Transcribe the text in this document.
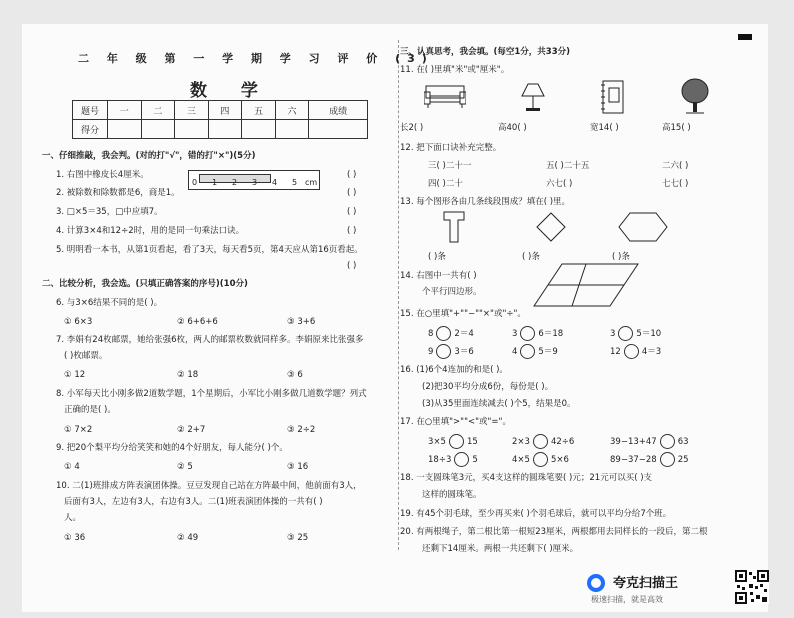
二 年 级 第 一 学 期 学 习 评 价 (3)
数 学
题号	一	二	三	四	五	六	成绩
得分							
一、仔细推敲，我会判。(对的打"√"，错的打"×")(5分)
1. 右图中橡皮长4厘米。
2. 被除数和除数都是6，商是1。
3. □×5＝35，□中应填7。
4. 计算3×4和12÷2时，用的是同一句乘法口诀。
5. 明明看一本书，从第1页看起，看了3天，每天看5页，第4天应从第16页看起。
( )
( )
( )
( )
( )
0 1 2 3 4 5 cm
二、比较分析，我会选。(只填正确答案的序号)(10分)
6. 与3×6结果不同的是( )。
① 6×3	② 6+6+6	③ 3+6
7. 李娟有24枚邮票，她给张强6枚，两人的邮票枚数就同样多。李娟原来比张强多
( )枚邮票。
① 12	② 18	③ 6
8. 小军每天比小刚多做2道数学题，1个星期后，小军比小刚多做几道数学题？列式
正确的是( )。
① 7×2	② 2+7	③ 2÷2
9. 把20个梨平均分给笑笑和她的4个好朋友，每人能分( )个。
① 4	② 5	③ 16
10. 二(1)班排成方阵表演团体操。豆豆发现自己站在方阵最中间，他前面有3人，
后面有3人，左边有3人，右边有3人。二(1)班表演团体操的一共有( )
人。
① 36	② 49	③ 25
三、认真思考，我会填。(每空1分，共33分)
11. 在( )里填"米"或"厘米"。
长2( )	高40( )	宽14( )	高15( )
12. 把下面口诀补充完整。
三( )二十一	五( )二十五	二六( )
四( )二十	六七( )	七七( )
13. 每个图形各由几条线段围成？填在( )里。
( )条	( )条	( )条
14. 右图中一共有( )
个平行四边形。
15. 在○里填"+""−""×"或"÷"。
8 2＝4	3 6＝18	3 5＝10
9 3＝6	4 5＝9	12 4＝3
16. (1)6个4连加的和是( )。
(2)把30平均分成6份，每份是( )。
(3)从35里面连续减去( )个5，结果是0。
17. 在○里填">""<"或"="。
3×5 15	2×3 42÷6	39−13+47 63
18÷3 5	4×5 5×6	89−37−28 25
18. 一支圆珠笔3元，买4支这样的圆珠笔要( )元；21元可以买( )支
这样的圆珠笔。
19. 有45个羽毛球，至少再买来( )个羽毛球后，就可以平均分给7个班。
20. 有两根绳子，第二根比第一根短23厘米，两根都用去同样长的一段后，第二根
还剩下14厘米。两根一共还剩下( )厘米。
夸克扫描王
极速扫描，就是高效
